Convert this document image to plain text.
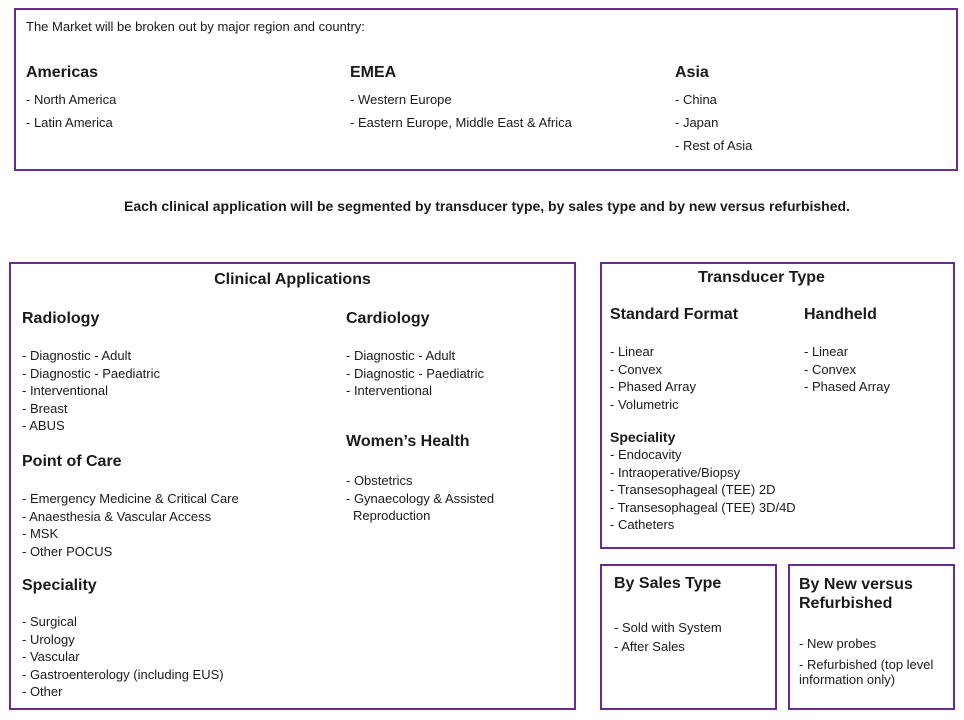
The Market will be broken out by major region and country:
Americas
- North America
- Latin America
EMEA
- Western Europe
- Eastern Europe, Middle East & Africa
Asia
- China
- Japan
- Rest of Asia
Each clinical application will be segmented by transducer type, by sales type and by new versus refurbished.
Clinical Applications
Radiology
- Diagnostic - Adult
- Diagnostic - Paediatric
- Interventional
- Breast
- ABUS
Point of Care
- Emergency Medicine & Critical Care
- Anaesthesia & Vascular Access
- MSK
- Other POCUS
Speciality
- Surgical
- Urology
- Vascular
- Gastroenterology (including EUS)
- Other
Cardiology
- Diagnostic - Adult
- Diagnostic - Paediatric
- Interventional
Women’s Health
- Obstetrics
- Gynaecology & Assisted
Reproduction
Transducer Type
Standard Format
- Linear
- Convex
- Phased Array
- Volumetric
Handheld
- Linear
- Convex
- Phased Array
Speciality
- Endocavity
- Intraoperative/Biopsy
- Transesophageal (TEE) 2D
- Transesophageal (TEE) 3D/4D
- Catheters
By Sales Type
- Sold with System
- After Sales
By New versus
Refurbished
- New probes
- Refurbished (top level
information only)
